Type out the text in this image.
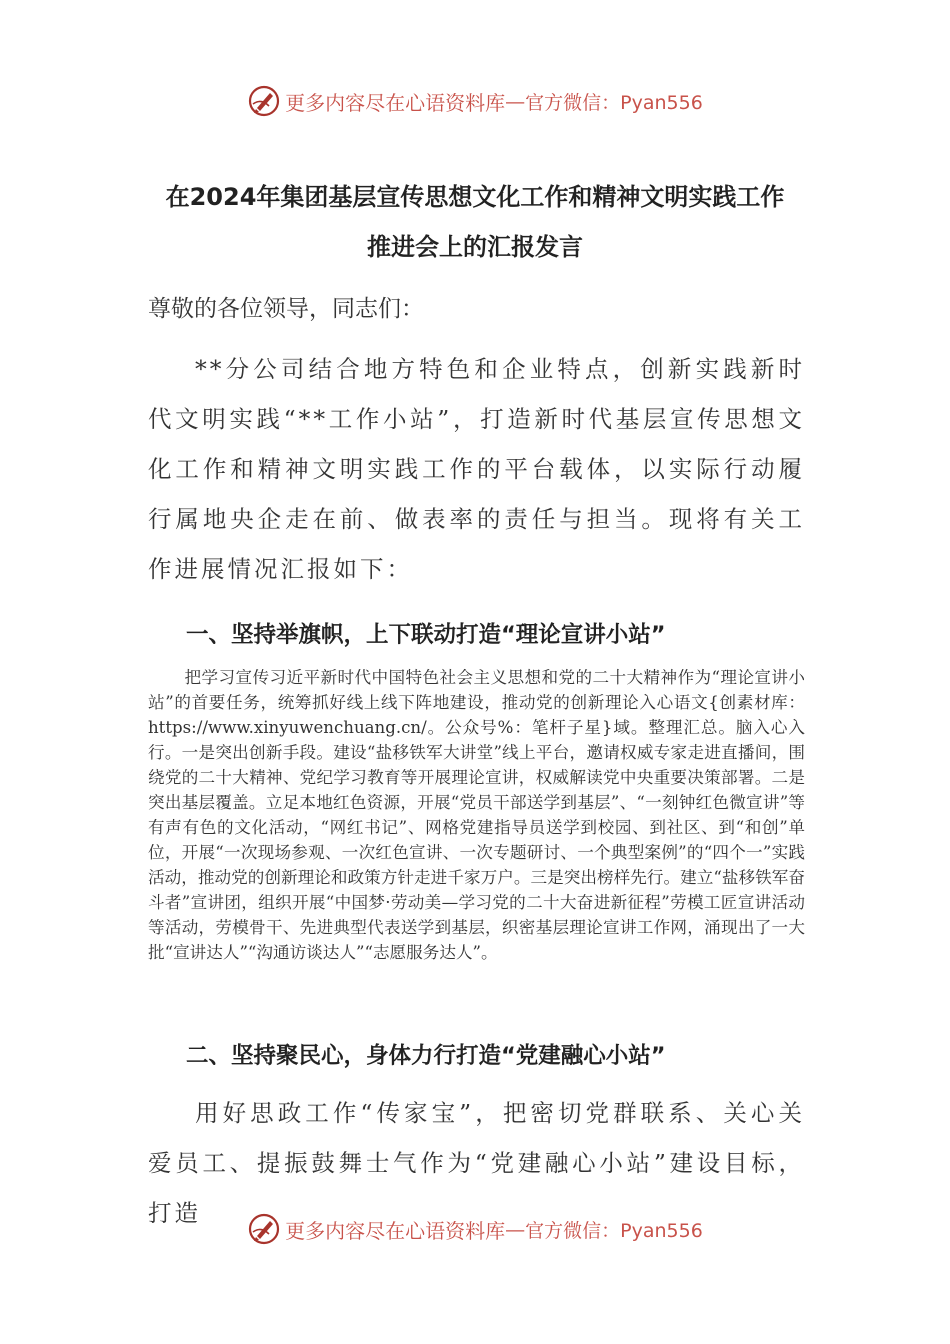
更多内容尽在心语资料库 — 官方微信：Pyan556
在2024年集团基层宣传思想文化工作和精神文明实践工作
推进会上的汇报发言
尊敬的各位领导，同志们：
**分公司结合地方特色和企业特点，创新实践新时代文明实践“**工作小站”，打造新时代基层宣传思想文化工作和精神文明实践工作的平台载体，以实际行动履行属地央企走在前、做表率的责任与担当。现将有关工作进展情况汇报如下：
一、坚持举旗帜，上下联动打造“理论宣讲小站”
把学习宣传习近平新时代中国特色社会主义思想和党的二十大精神作为“理论宣讲小站”的首要任务，统筹抓好线上线下阵地建设，推动党的创新理论入心语文{创素材库：https://www.xinyuwenchuang.cn/。公众号%：笔杆子星}域。整理汇总。脑入心入行。一是突出创新手段。建设“盐移铁军大讲堂”线上平台，邀请权威专家走进直播间，围绕党的二十大精神、党纪学习教育等开展理论宣讲，权威解读党中央重要决策部署。二是突出基层覆盖。立足本地红色资源，开展“党员干部送学到基层”、“一刻钟红色微宣讲”等有声有色的文化活动，“网红书记”、网格党建指导员送学到校园、到社区、到“和创”单位，开展“一次现场参观、一次红色宣讲、一次专题研讨、一个典型案例”的“四个一”实践活动，推动党的创新理论和政策方针走进千家万户。三是突出榜样先行。建立“盐移铁军奋斗者”宣讲团，组织开展“中国梦·劳动美—学习党的二十大奋进新征程”劳模工匠宣讲活动等活动，劳模骨干、先进典型代表送学到基层，织密基层理论宣讲工作网，涌现出了一大批“宣讲达人”“沟通访谈达人”“志愿服务达人”。
二、坚持聚民心，身体力行打造“党建融心小站”
用好思政工作“传家宝”，把密切党群联系、关心关爱员工、提振鼓舞士气作为“党建融心小站”建设目标，打造
更多内容尽在心语资料库 — 官方微信：Pyan556
